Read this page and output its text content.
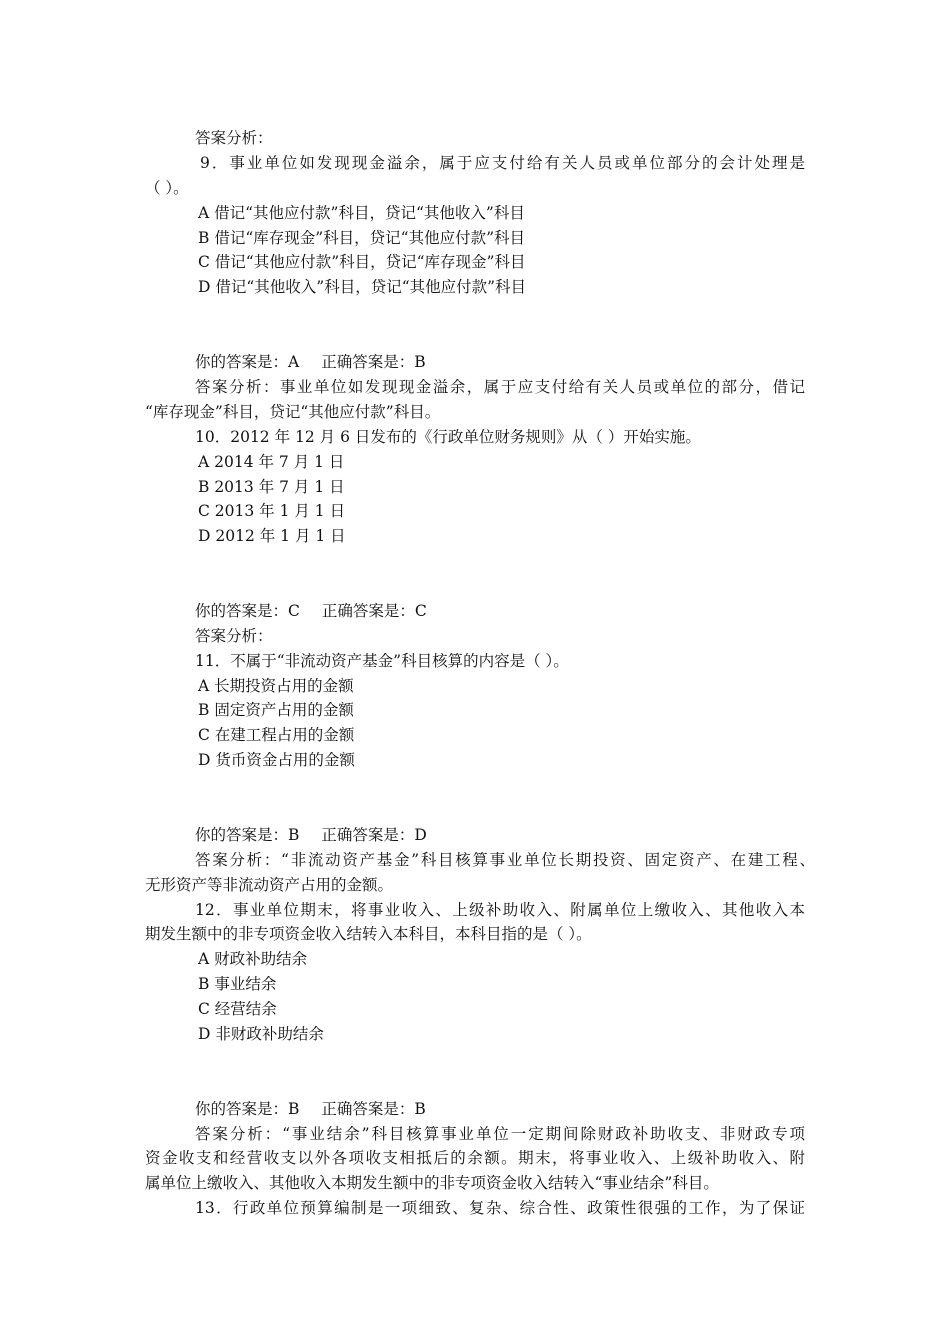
答案分析：
9．事业单位如发现现金溢余，属于应支付给有关人员或单位部分的会计处理是
（ ）。
A 借记“其他应付款”科目，贷记“其他收入”科目
B 借记“库存现金”科目，贷记“其他应付款”科目
C 借记“其他应付款”科目，贷记“库存现金”科目
D 借记“其他收入”科目，贷记“其他应付款”科目
你的答案是：A 正确答案是：B
答案分析：事业单位如发现现金溢余，属于应支付给有关人员或单位的部分，借记
“库存现金”科目，贷记“其他应付款”科目。
10．2012 年 12 月 6 日发布的《行政单位财务规则》从（ ）开始实施。
A 2014 年 7 月 1 日
B 2013 年 7 月 1 日
C 2013 年 1 月 1 日
D 2012 年 1 月 1 日
你的答案是：C 正确答案是：C
答案分析：
11．不属于“非流动资产基金”科目核算的内容是（ ）。
A 长期投资占用的金额
B 固定资产占用的金额
C 在建工程占用的金额
D 货币资金占用的金额
你的答案是：B 正确答案是：D
答案分析：“非流动资产基金”科目核算事业单位长期投资、固定资产、在建工程、
无形资产等非流动资产占用的金额。
12．事业单位期末，将事业收入、上级补助收入、附属单位上缴收入、其他收入本
期发生额中的非专项资金收入结转入本科目，本科目指的是（ ）。
A 财政补助结余
B 事业结余
C 经营结余
D 非财政补助结余
你的答案是：B 正确答案是：B
答案分析：“事业结余”科目核算事业单位一定期间除财政补助收支、非财政专项
资金收支和经营收支以外各项收支相抵后的余额。期末，将事业收入、上级补助收入、附
属单位上缴收入、其他收入本期发生额中的非专项资金收入结转入“事业结余”科目。
13．行政单位预算编制是一项细致、复杂、综合性、政策性很强的工作，为了保证
